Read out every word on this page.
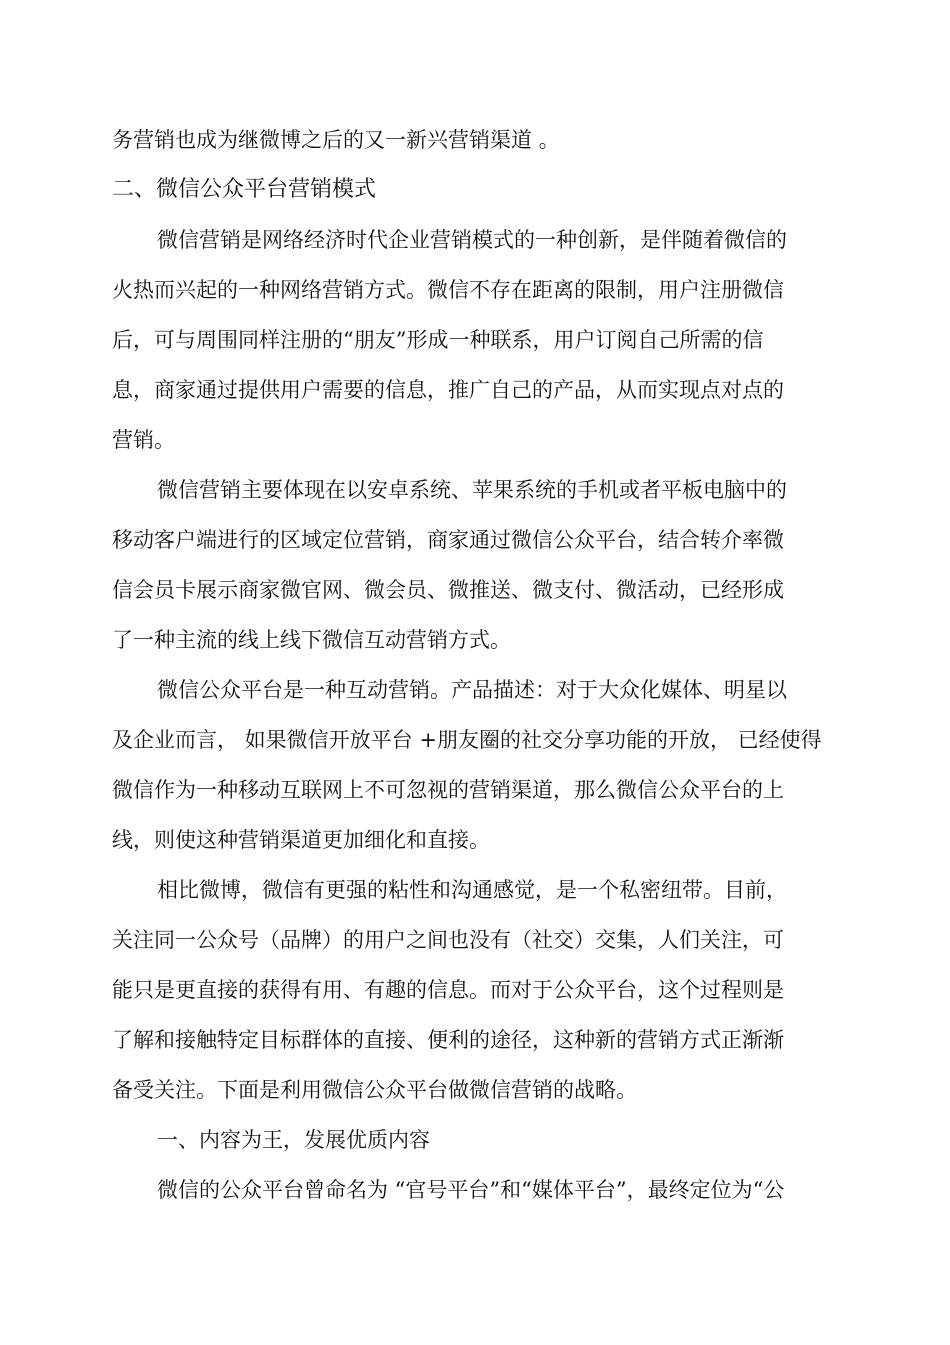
务营销也成为继微博之后的又一新兴营销渠道 。
二、微信公众平台营销模式
微信营销是网络经济时代企业营销模式的一种创新，是伴随着微信的
火热而兴起的一种网络营销方式。微信不存在距离的限制，用户注册微信
后，可与周围同样注册的“朋友”形成一种联系，用户订阅自己所需的信
息，商家通过提供用户需要的信息，推广自己的产品，从而实现点对点的
营销。
微信营销主要体现在以安卓系统、苹果系统的手机或者平板电脑中的
移动客户端进行的区域定位营销，商家通过微信公众平台，结合转介率微
信会员卡展示商家微官网、微会员、微推送、微支付、微活动，已经形成
了一种主流的线上线下微信互动营销方式。
微信公众平台是一种互动营销。产品描述：对于大众化媒体、明星以
及企业而言， 如果微信开放平台 +朋友圈的社交分享功能的开放， 已经使得
微信作为一种移动互联网上不可忽视的营销渠道，那么微信公众平台的上
线，则使这种营销渠道更加细化和直接。
相比微博，微信有更强的粘性和沟通感觉，是一个私密纽带。目前，
关注同一公众号（品牌）的用户之间也没有（社交）交集，人们关注，可
能只是更直接的获得有用、有趣的信息。而对于公众平台，这个过程则是
了解和接触特定目标群体的直接、便利的途径，这种新的营销方式正渐渐
备受关注。下面是利用微信公众平台做微信营销的战略。
一、内容为王，发展优质内容
微信的公众平台曾命名为 “官号平台”和“媒体平台”，最终定位为“公
